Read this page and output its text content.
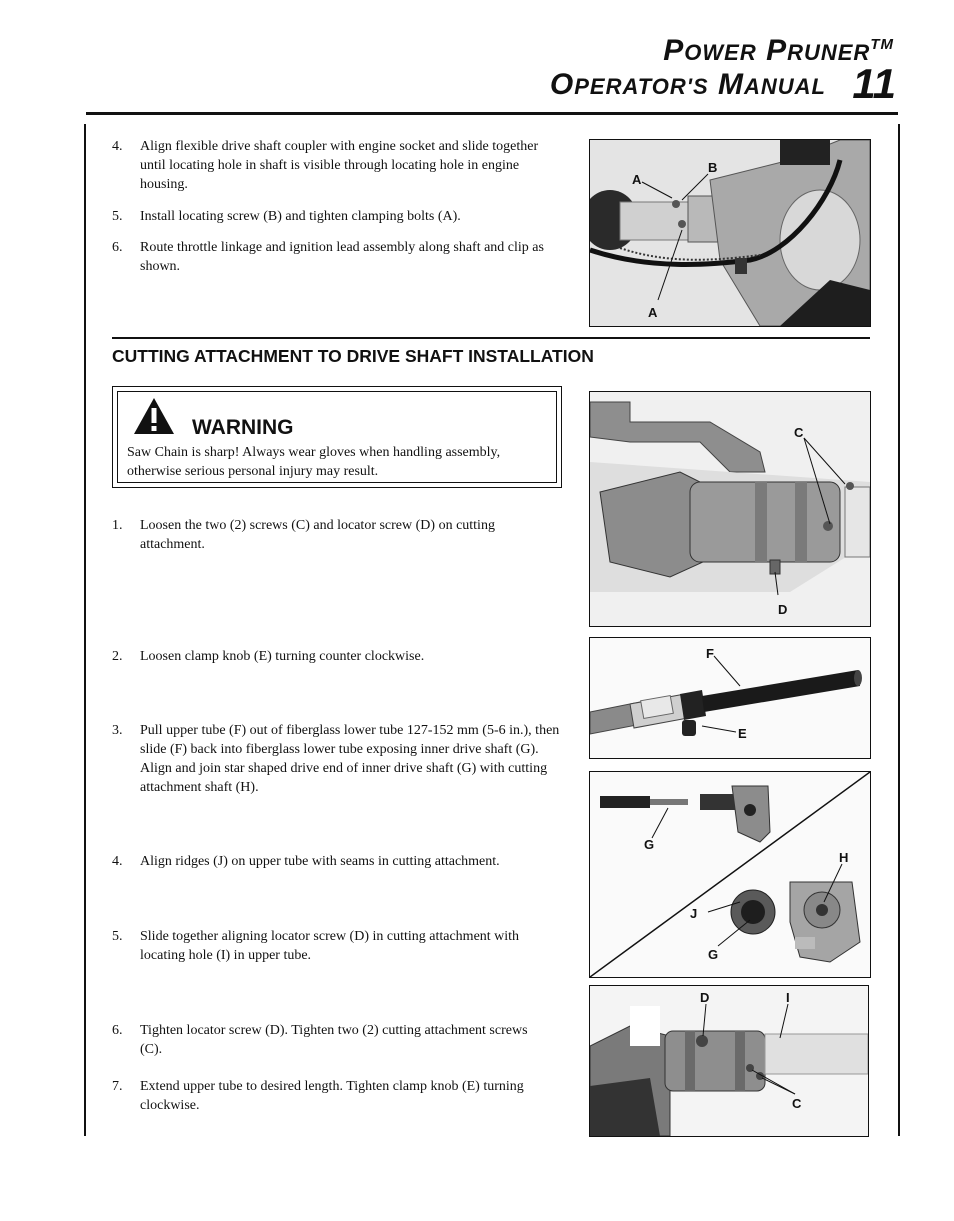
POWER PRUNER™
OPERATOR'S MANUAL 11
4.	Align flexible drive shaft coupler with engine socket and slide together until locating hole in shaft is visible through locating hole in engine housing.
5.	Install locating screw (B) and tighten clamping bolts (A).
6.	Route throttle linkage and ignition lead assembly along shaft and clip as shown.
A
B
A
CUTTING ATTACHMENT TO DRIVE SHAFT INSTALLATION
WARNING
Saw Chain is sharp! Always wear gloves when handling assembly, otherwise serious personal injury may result.
C
D
1.	Loosen the two (2) screws (C) and locator screw (D) on cutting attachment.
2.	Loosen clamp knob (E) turning counter clockwise.
3.	Pull upper tube (F) out of fiberglass lower tube 127-152 mm (5-6 in.), then slide (F) back into fiberglass lower tube exposing inner drive shaft (G). Align and join star shaped drive end of inner drive shaft (G) with cutting attachment shaft (H).
4.	Align ridges (J) on upper tube with seams in cutting attachment.
5.	Slide together aligning locator screw (D) in cutting attachment with locating hole (I) in upper tube.
6.	Tighten locator screw (D). Tighten two (2) cutting attachment screws (C).
7.	Extend upper tube to desired length. Tighten clamp knob (E) turning clockwise.
F
E
G
H
J
G
D	I
C
